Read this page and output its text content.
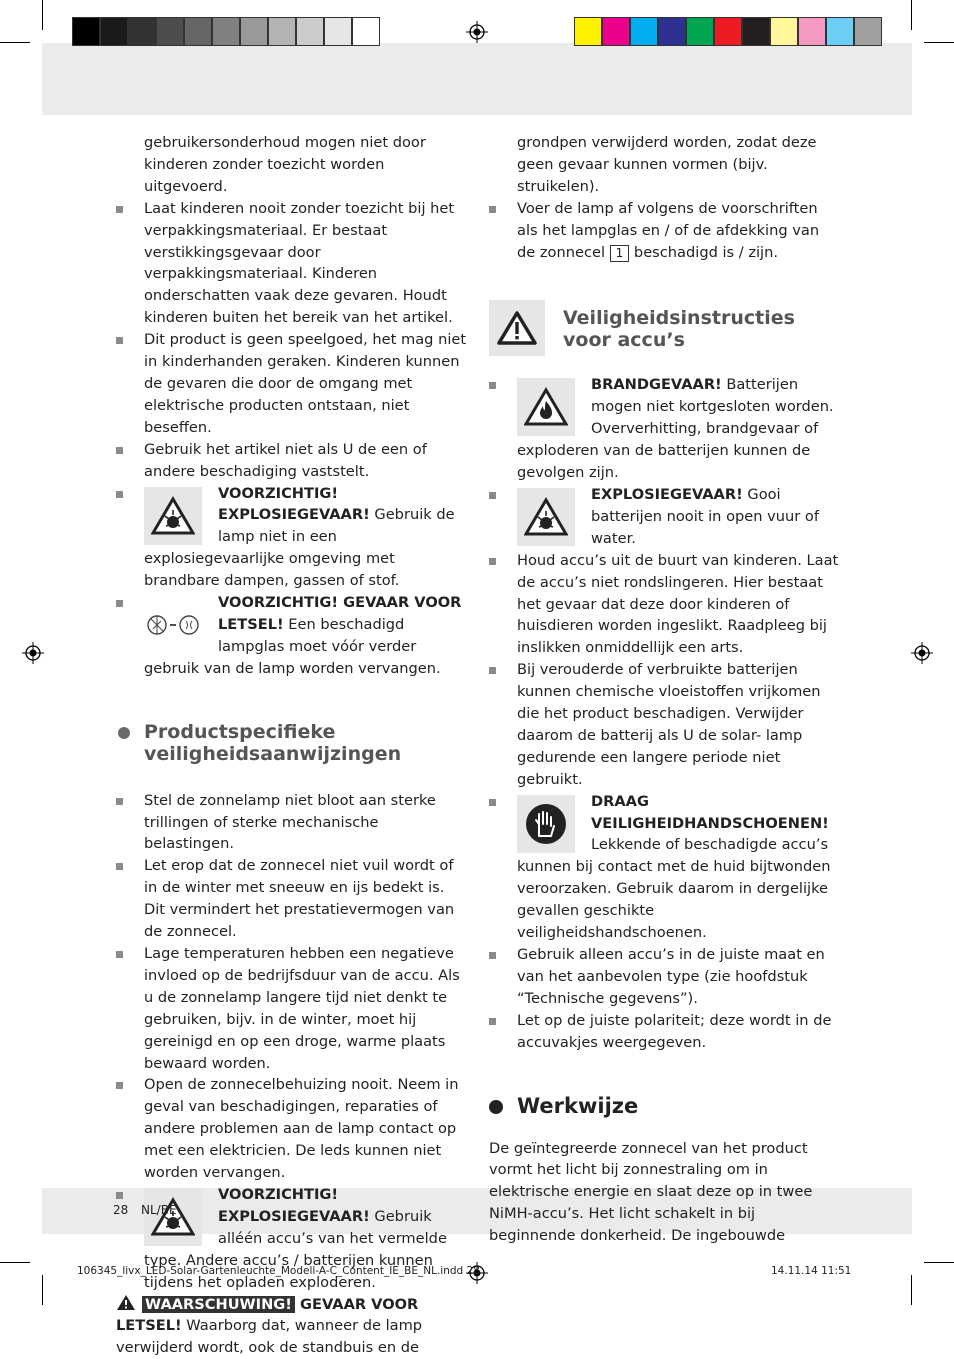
gebruikersonderhoud mogen niet door kinderen zonder toezicht worden uitgevoerd.

Laat kinderen nooit zonder toezicht bij het verpakkingsmateriaal. Er bestaat verstikkingsgevaar door verpakkingsmateriaal. Kinderen onderschatten vaak deze gevaren. Houdt kinderen buiten het bereik van het artikel.
Dit product is geen speelgoed, het mag niet in kinderhanden geraken. Kinderen kunnen de gevaren die door de omgang met elektrische producten ontstaan, niet beseffen.
Gebruik het artikel niet als U de een of andere beschadiging vaststelt.
VOORZICHTIG! EXPLOSIEGEVAAR! Gebruik de lamp niet in een explosiegevaarlijke omgeving met brandbare dampen, gassen of stof.
VOORZICHTIG! GEVAAR VOOR LETSEL! Een beschadigd lampglas moet vóór verder gebruik van de lamp worden vervangen.
Productspecifieke veiligheidsaanwijzingen
Stel de zonnelamp niet bloot aan sterke trillingen of sterke mechanische belastingen.
Let erop dat de zonnecel niet vuil wordt of in de winter met sneeuw en ijs bedekt is. Dit vermindert het prestatievermogen van de zonnecel.
Lage temperaturen hebben een negatieve invloed op de bedrijfsduur van de accu. Als u de zonnelamp langere tijd niet denkt te gebruiken, bijv. in de winter, moet hij gereinigd en op een droge, warme plaats bewaard worden.
Open de zonnecelbehuizing nooit. Neem in geval van beschadigingen, reparaties of andere problemen aan de lamp contact op met een elektricien. De leds kunnen niet worden vervangen.
VOORZICHTIG! EXPLOSIEGEVAAR! Gebruik alléén accu’s van het vermelde type. Andere accu’s / batterijen kunnen tijdens het opladen exploderen.

WAARSCHUWING! GEVAAR VOOR LETSEL! Waarborg dat, wanneer de lamp verwijderd wordt, ook de standbuis en de

grondpen verwijderd worden, zodat deze geen gevaar kunnen vormen (bijv. struikelen).

Voer de lamp af volgens de voorschriften als het lampglas en / of de afdekking van de zonnecel 1 beschadigd is / zijn.
Veiligheidsinstructies voor accu’s
BRANDGEVAAR! Batterijen mogen niet kortgesloten worden. Oververhitting, brandgevaar of exploderen van de batterijen kunnen de gevolgen zijn.
EXPLOSIEGEVAAR! Gooi batterijen nooit in open vuur of water.
Houd accu’s uit de buurt van kinderen. Laat de accu’s niet rondslingeren. Hier bestaat het gevaar dat deze door kinderen of huisdieren worden ingeslikt. Raadpleeg bij inslikken onmiddellijk een arts.
Bij verouderde of verbruikte batterijen kunnen chemische vloeistoffen vrijkomen die het product beschadigen. Verwijder daarom de batterij als U de solar- lamp gedurende een langere periode niet gebruikt.
DRAAG VEILIGHEIDHANDSCHOENEN! Lekkende of beschadigde accu’s kunnen bij contact met de huid bijtwonden veroorzaken. Gebruik daarom in dergelijke gevallen geschikte veiligheidshandschoenen.
Gebruik alleen accu’s in de juiste maat en van het aanbevolen type (zie hoofdstuk “Technische gegevens”).
Let op de juiste polariteit; deze wordt in de accuvakjes weergegeven.
Werkwijze

De geïntegreerde zonnecel van het product vormt het licht bij zonnestraling om in elektrische energie en slaat deze op in twee NiMH-accu’s. Het licht schakelt in bij beginnende donkerheid. De ingebouwde

28 NL/BE
106345_livx_LED-Solar-Gartenleuchte_Modell-A-C_Content_IE_BE_NL.indd 28	14.11.14 11:51
